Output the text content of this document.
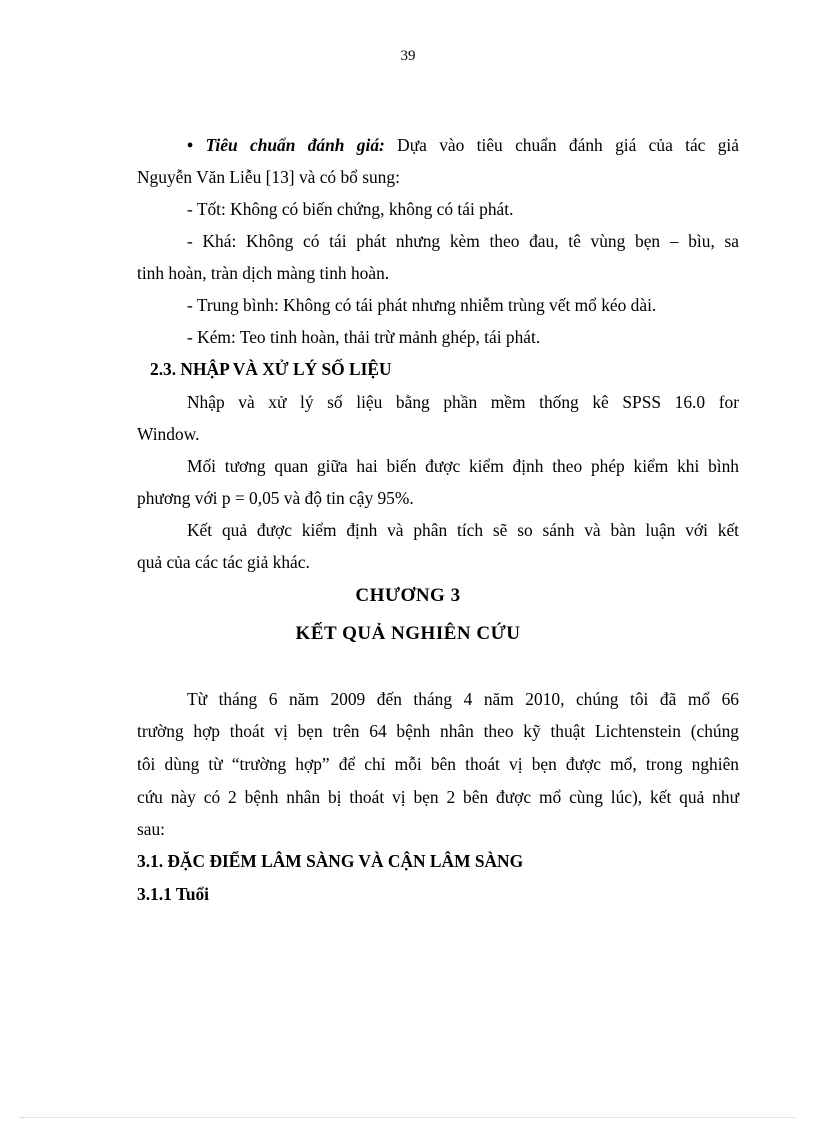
39
• Tiêu chuẩn đánh giá: Dựa vào tiêu chuẩn đánh giá của tác giả
Nguyễn Văn Liễu [13] và có bổ sung:
- Tốt: Không có biến chứng, không có tái phát.
- Khá: Không có tái phát nhưng kèm theo đau, tê vùng bẹn – bìu, sa
tinh hoàn, tràn dịch màng tinh hoàn.
- Trung bình: Không có tái phát nhưng nhiễm trùng vết mổ kéo dài.
- Kém: Teo tinh hoàn, thải trừ mảnh ghép, tái phát.
2.3. NHẬP VÀ XỬ LÝ SỐ LIỆU
Nhập và xử lý số liệu bằng phần mềm thống kê SPSS 16.0 for
Window.
Mối tương quan giữa hai biến được kiểm định theo phép kiểm khi bình
phương với p = 0,05 và độ tin cậy 95%.
Kết quả được kiểm định và phân tích sẽ so sánh và bàn luận với kết
quả của các tác giả khác.
CHƯƠNG 3
KẾT QUẢ NGHIÊN CỨU
Từ tháng 6 năm 2009 đến tháng 4 năm 2010, chúng tôi đã mổ 66
trường hợp thoát vị bẹn trên 64 bệnh nhân theo kỹ thuật Lichtenstein (chúng
tôi dùng từ “trường hợp” để chỉ mỗi bên thoát vị bẹn được mổ, trong nghiên
cứu này có 2 bệnh nhân bị thoát vị bẹn 2 bên được mổ cùng lúc), kết quả như
sau:
3.1. ĐẶC ĐIỂM LÂM SÀNG VÀ CẬN LÂM SÀNG
3.1.1 Tuổi
